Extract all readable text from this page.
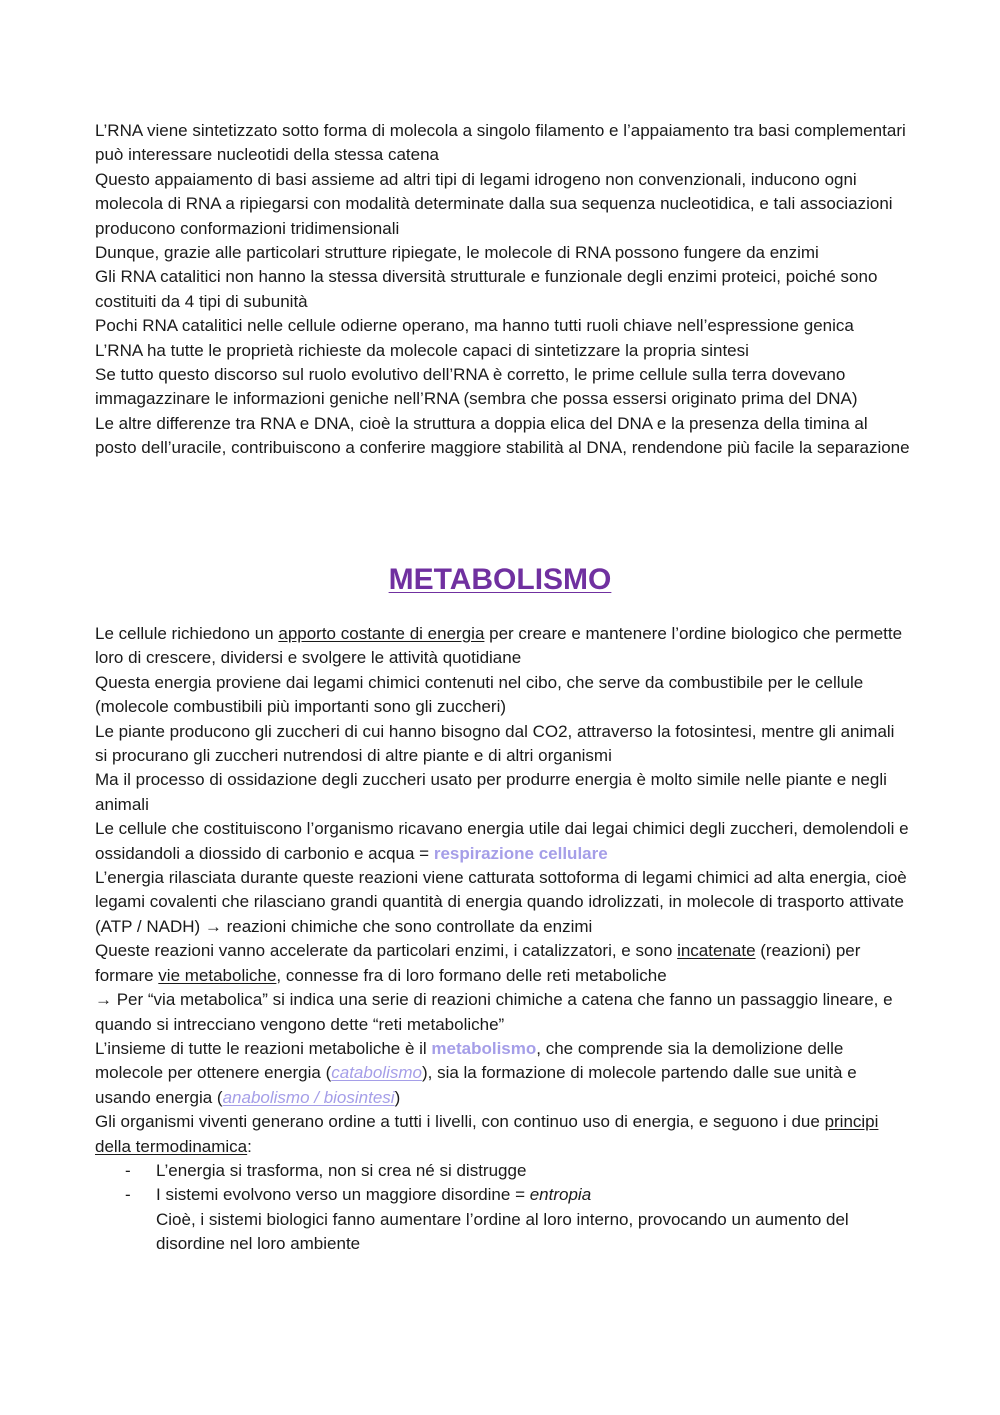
L’RNA viene sintetizzato sotto forma di molecola a singolo filamento e l’appaiamento tra basi complementari può interessare nucleotidi della stessa catena

Questo appaiamento di basi assieme ad altri tipi di legami idrogeno non convenzionali, inducono ogni molecola di RNA a ripiegarsi con modalità determinate dalla sua sequenza nucleotidica, e tali associazioni producono conformazioni tridimensionali

Dunque, grazie alle particolari strutture ripiegate, le molecole di RNA possono fungere da enzimi

Gli RNA catalitici non hanno la stessa diversità strutturale e funzionale degli enzimi proteici, poiché sono costituiti da 4 tipi di subunità

Pochi RNA catalitici nelle cellule odierne operano, ma hanno tutti ruoli chiave nell’espressione genica

L’RNA ha tutte le proprietà richieste da molecole capaci di sintetizzare la propria sintesi

Se tutto questo discorso sul ruolo evolutivo dell’RNA è corretto, le prime cellule sulla terra dovevano immagazzinare le informazioni geniche nell’RNA (sembra che possa essersi originato prima del DNA)

Le altre differenze tra RNA e DNA, cioè la struttura a doppia elica del DNA e la presenza della timina al posto dell’uracile, contribuiscono a conferire maggiore stabilità al DNA, rendendone più facile la separazione

METABOLISMO

Le cellule richiedono un apporto costante di energia per creare e mantenere l’ordine biologico che permette loro di crescere, dividersi e svolgere le attività quotidiane

Questa energia proviene dai legami chimici contenuti nel cibo, che serve da combustibile per le cellule (molecole combustibili più importanti sono gli zuccheri)

Le piante producono gli zuccheri di cui hanno bisogno dal CO2, attraverso la fotosintesi, mentre gli animali si procurano gli zuccheri nutrendosi di altre piante e di altri organismi

Ma il processo di ossidazione degli zuccheri usato per produrre energia è molto simile nelle piante e negli animali

Le cellule che costituiscono l’organismo ricavano energia utile dai legai chimici degli zuccheri, demolendoli e ossidandoli a diossido di carbonio e acqua = respirazione cellulare

L’energia rilasciata durante queste reazioni viene catturata sottoforma di legami chimici ad alta energia, cioè legami covalenti che rilasciano grandi quantità di energia quando idrolizzati, in molecole di trasporto attivate (ATP / NADH) → reazioni chimiche che sono controllate da enzimi

Queste reazioni vanno accelerate da particolari enzimi, i catalizzatori, e sono incatenate (reazioni) per formare vie metaboliche, connesse fra di loro formano delle reti metaboliche

→ Per “via metabolica” si indica una serie di reazioni chimiche a catena che fanno un passaggio lineare, e quando si intrecciano vengono dette “reti metaboliche”

L’insieme di tutte le reazioni metaboliche è il metabolismo, che comprende sia la demolizione delle molecole per ottenere energia (catabolismo), sia la formazione di molecole partendo dalle sue unità e usando energia (anabolismo / biosintesi)

Gli organismi viventi generano ordine a tutti i livelli, con continuo uso di energia, e seguono i due principi della termodinamica:

- L’energia si trasforma, non si crea né si distrugge
- I sistemi evolvono verso un maggiore disordine = entropia
Cioè, i sistemi biologici fanno aumentare l’ordine al loro interno, provocando un aumento del disordine nel loro ambiente
